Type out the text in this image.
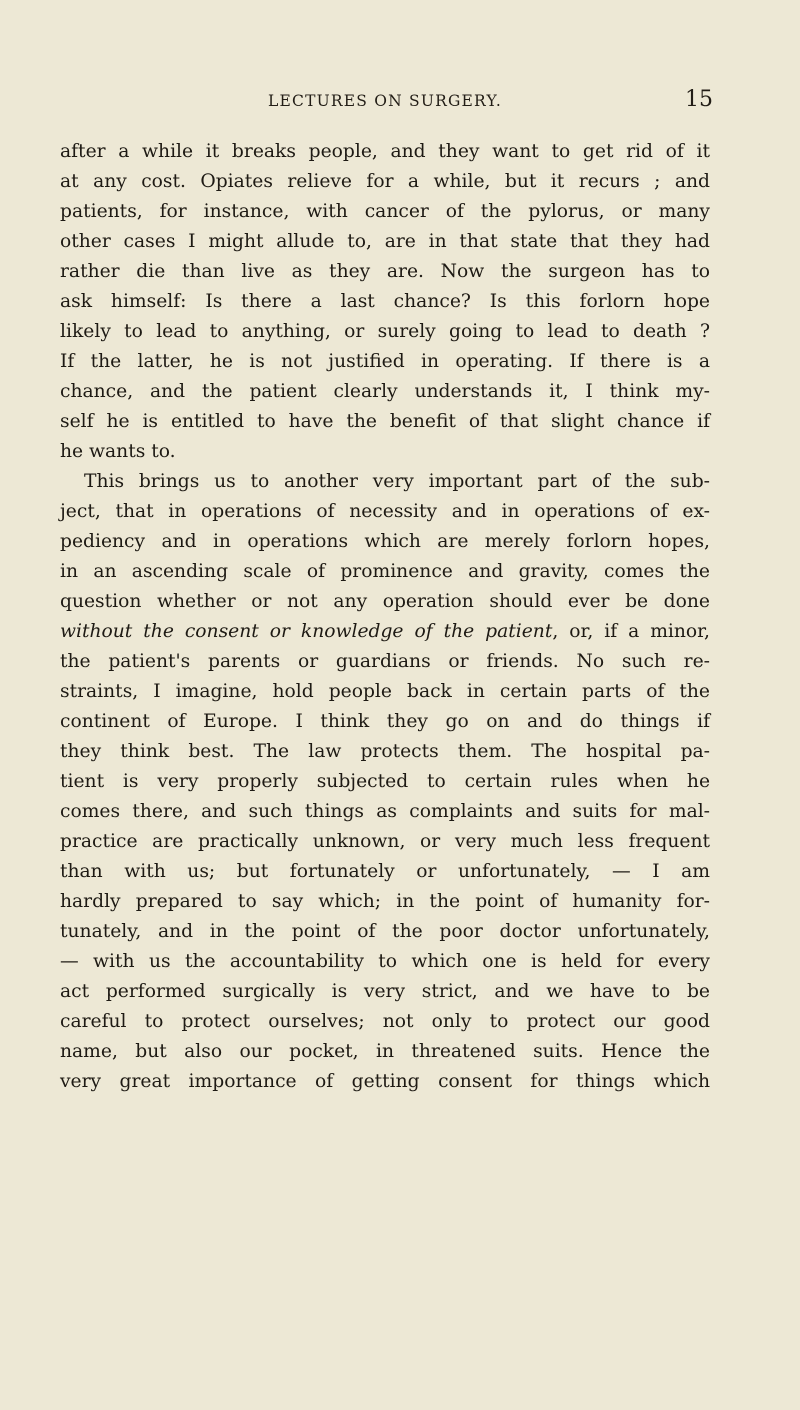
LECTURES ON SURGERY.	15
after a while it breaks people, and they want to get rid of it
at any cost. Opiates relieve for a while, but it recurs ; and
patients, for instance, with cancer of the pylorus, or many
other cases I might allude to, are in that state that they had
rather die than live as they are. Now the surgeon has to
ask himself: Is there a last chance? Is this forlorn hope
likely to lead to anything, or surely going to lead to death ?
If the latter, he is not justified in operating. If there is a
chance, and the patient clearly understands it, I think my-
self he is entitled to have the benefit of that slight chance if
he wants to.
This brings us to another very important part of the sub-
ject, that in operations of necessity and in operations of ex-
pediency and in operations which are merely forlorn hopes,
in an ascending scale of prominence and gravity, comes the
question whether or not any operation should ever be done
without the consent or knowledge of the patient, or, if a minor,
the patient's parents or guardians or friends. No such re-
straints, I imagine, hold people back in certain parts of the
continent of Europe. I think they go on and do things if
they think best. The law protects them. The hospital pa-
tient is very properly subjected to certain rules when he
comes there, and such things as complaints and suits for mal-
practice are practically unknown, or very much less frequent
than with us; but fortunately or unfortunately, — I am
hardly prepared to say which; in the point of humanity for-
tunately, and in the point of the poor doctor unfortunately,
— with us the accountability to which one is held for every
act performed surgically is very strict, and we have to be
careful to protect ourselves; not only to protect our good
name, but also our pocket, in threatened suits. Hence the
very great importance of getting consent for things which
